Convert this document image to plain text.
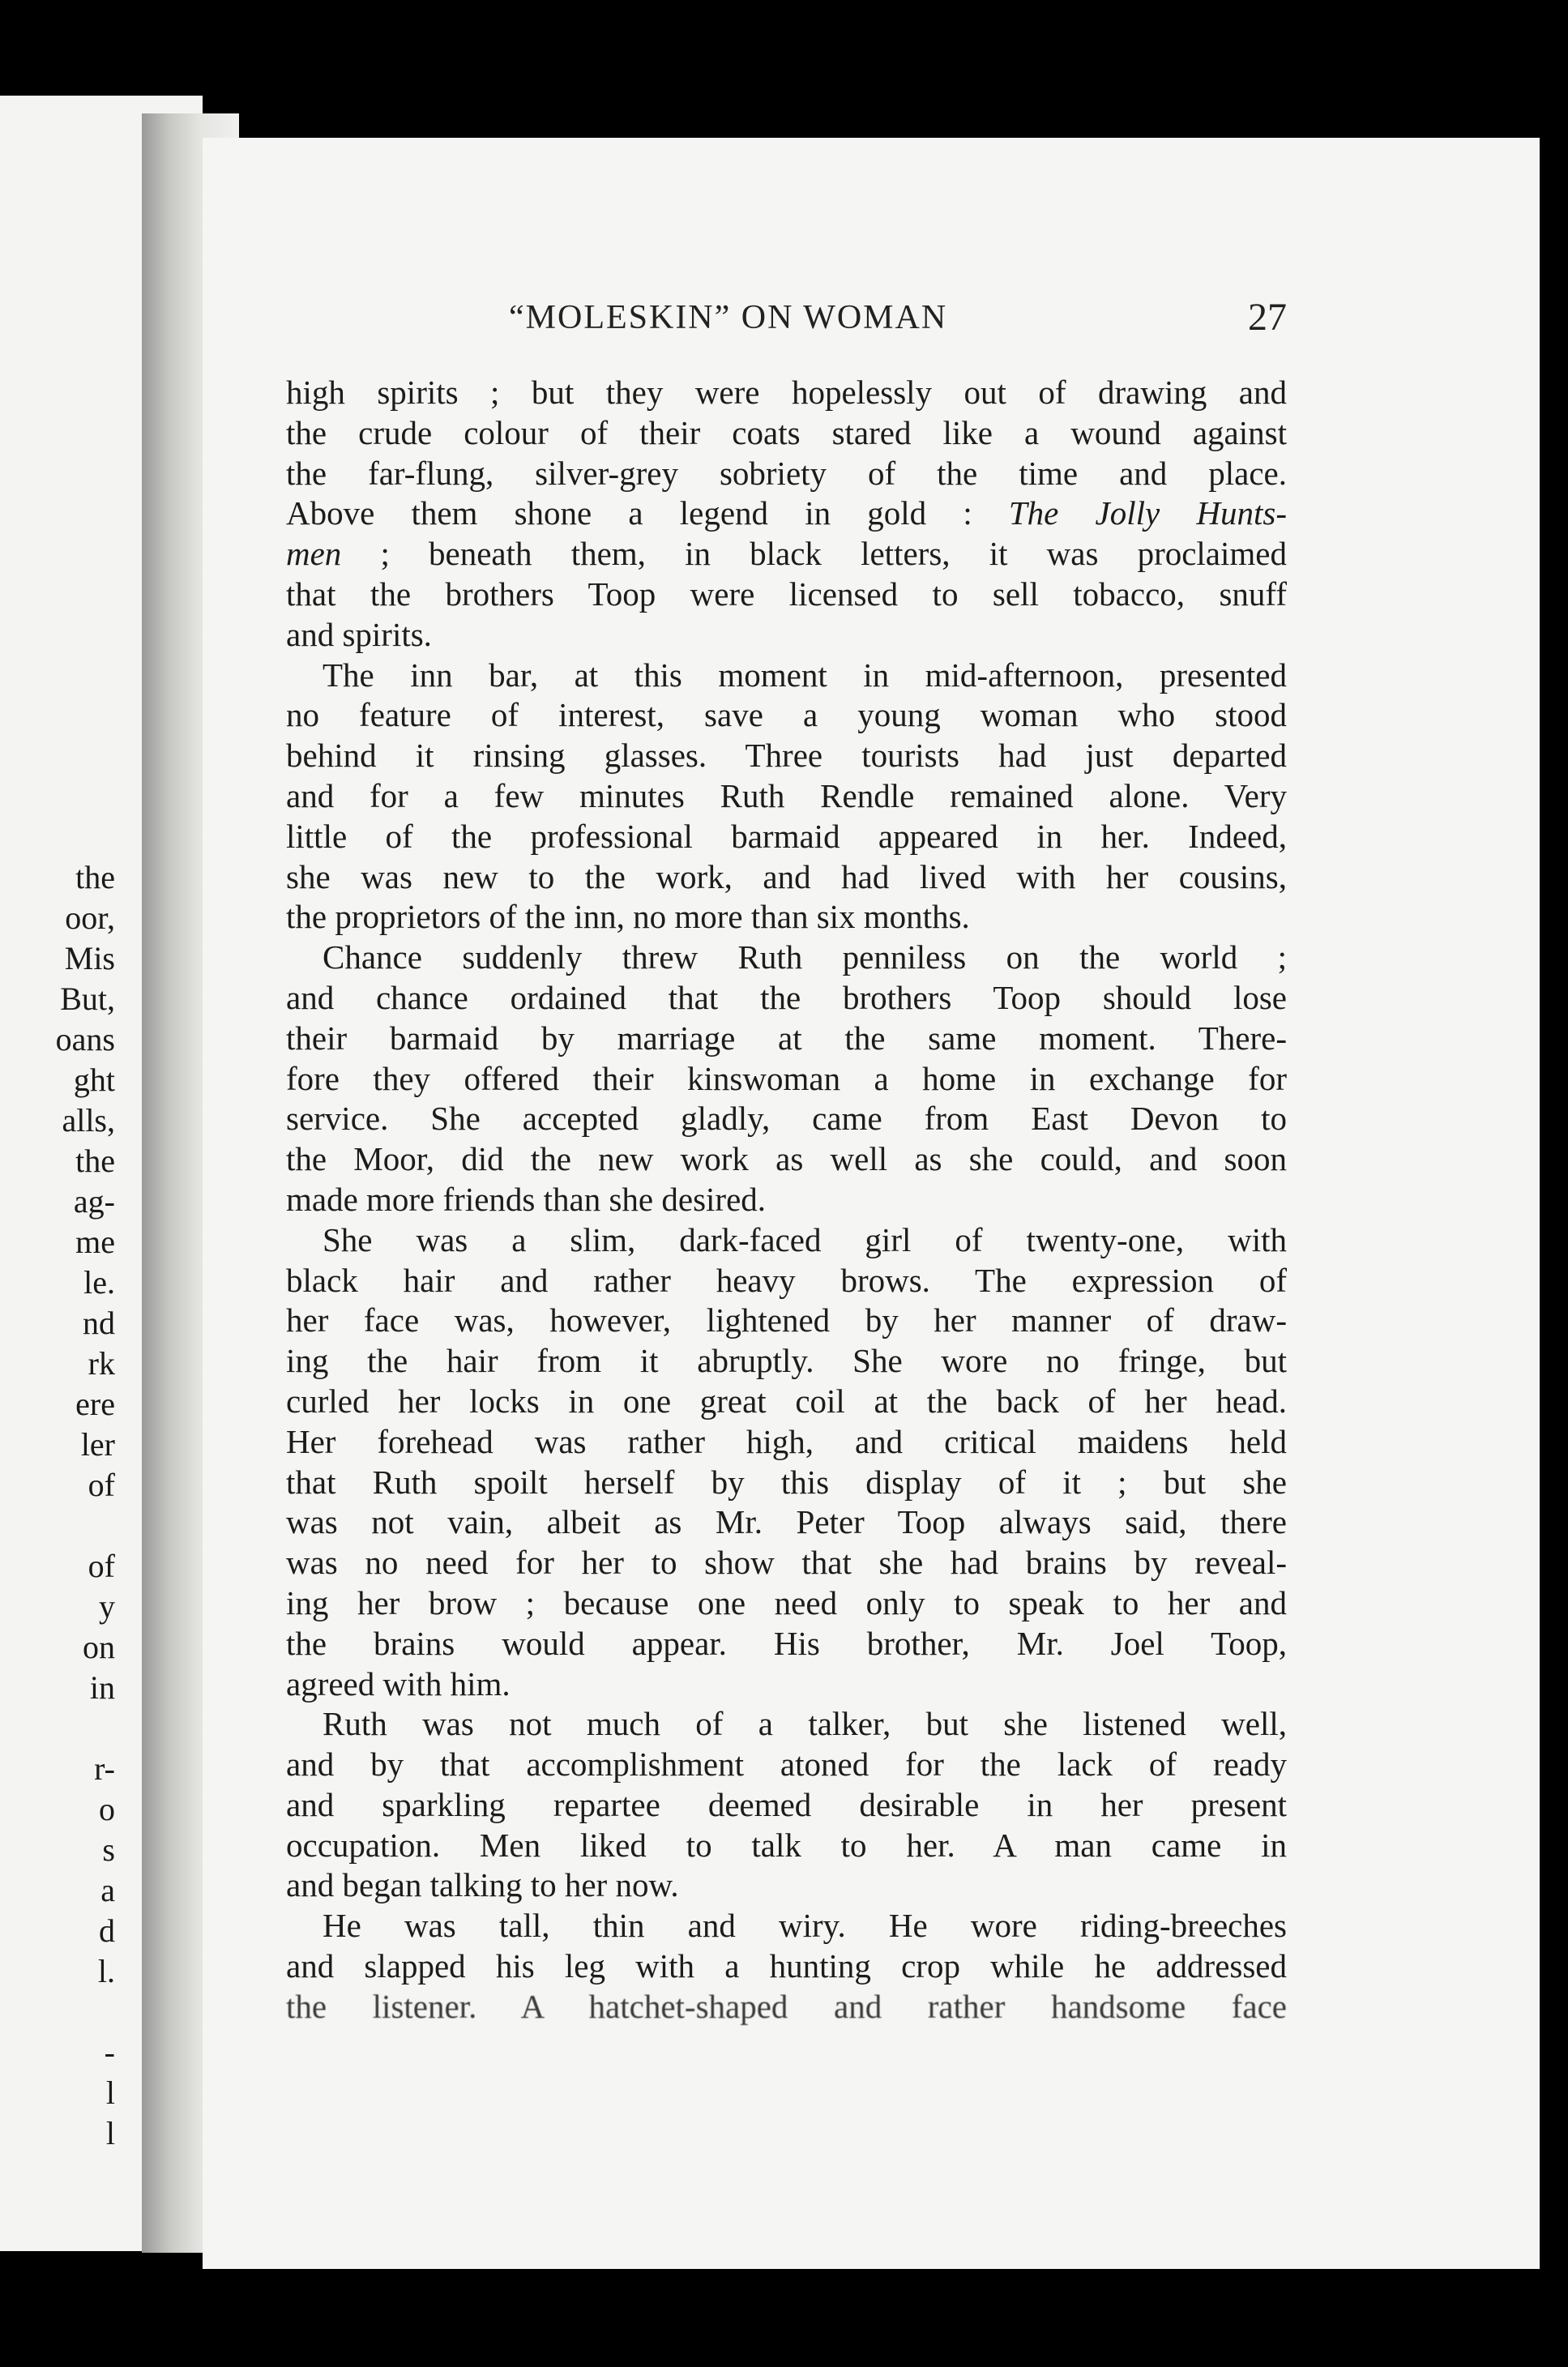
the
oor,
Mis
But,
oans
ght
alls,
the
ag-
me
le.
nd
rk
ere
ler
of
of
y
on
in
r-
o
s
a
d
l.
-
l
l
“MOLESKIN” ON WOMAN	27
high spirits ; but they were hopelessly out of drawing and
the crude colour of their coats stared like a wound against
the far-flung, silver-grey sobriety of the time and place.
Above them shone a legend in gold : The Jolly Hunts-
men ; beneath them, in black letters, it was proclaimed
that the brothers Toop were licensed to sell tobacco, snuff
and spirits.
The inn bar, at this moment in mid-afternoon, presented
no feature of interest, save a young woman who stood
behind it rinsing glasses. Three tourists had just departed
and for a few minutes Ruth Rendle remained alone. Very
little of the professional barmaid appeared in her. Indeed,
she was new to the work, and had lived with her cousins,
the proprietors of the inn, no more than six months.
Chance suddenly threw Ruth penniless on the world ;
and chance ordained that the brothers Toop should lose
their barmaid by marriage at the same moment. There-
fore they offered their kinswoman a home in exchange for
service. She accepted gladly, came from East Devon to
the Moor, did the new work as well as she could, and soon
made more friends than she desired.
She was a slim, dark-faced girl of twenty-one, with
black hair and rather heavy brows. The expression of
her face was, however, lightened by her manner of draw-
ing the hair from it abruptly. She wore no fringe, but
curled her locks in one great coil at the back of her head.
Her forehead was rather high, and critical maidens held
that Ruth spoilt herself by this display of it ; but she
was not vain, albeit as Mr. Peter Toop always said, there
was no need for her to show that she had brains by reveal-
ing her brow ; because one need only to speak to her and
the brains would appear. His brother, Mr. Joel Toop,
agreed with him.
Ruth was not much of a talker, but she listened well,
and by that accomplishment atoned for the lack of ready
and sparkling repartee deemed desirable in her present
occupation. Men liked to talk to her. A man came in
and began talking to her now.
He was tall, thin and wiry. He wore riding-breeches
and slapped his leg with a hunting crop while he addressed
the listener. A hatchet-shaped and rather handsome face
